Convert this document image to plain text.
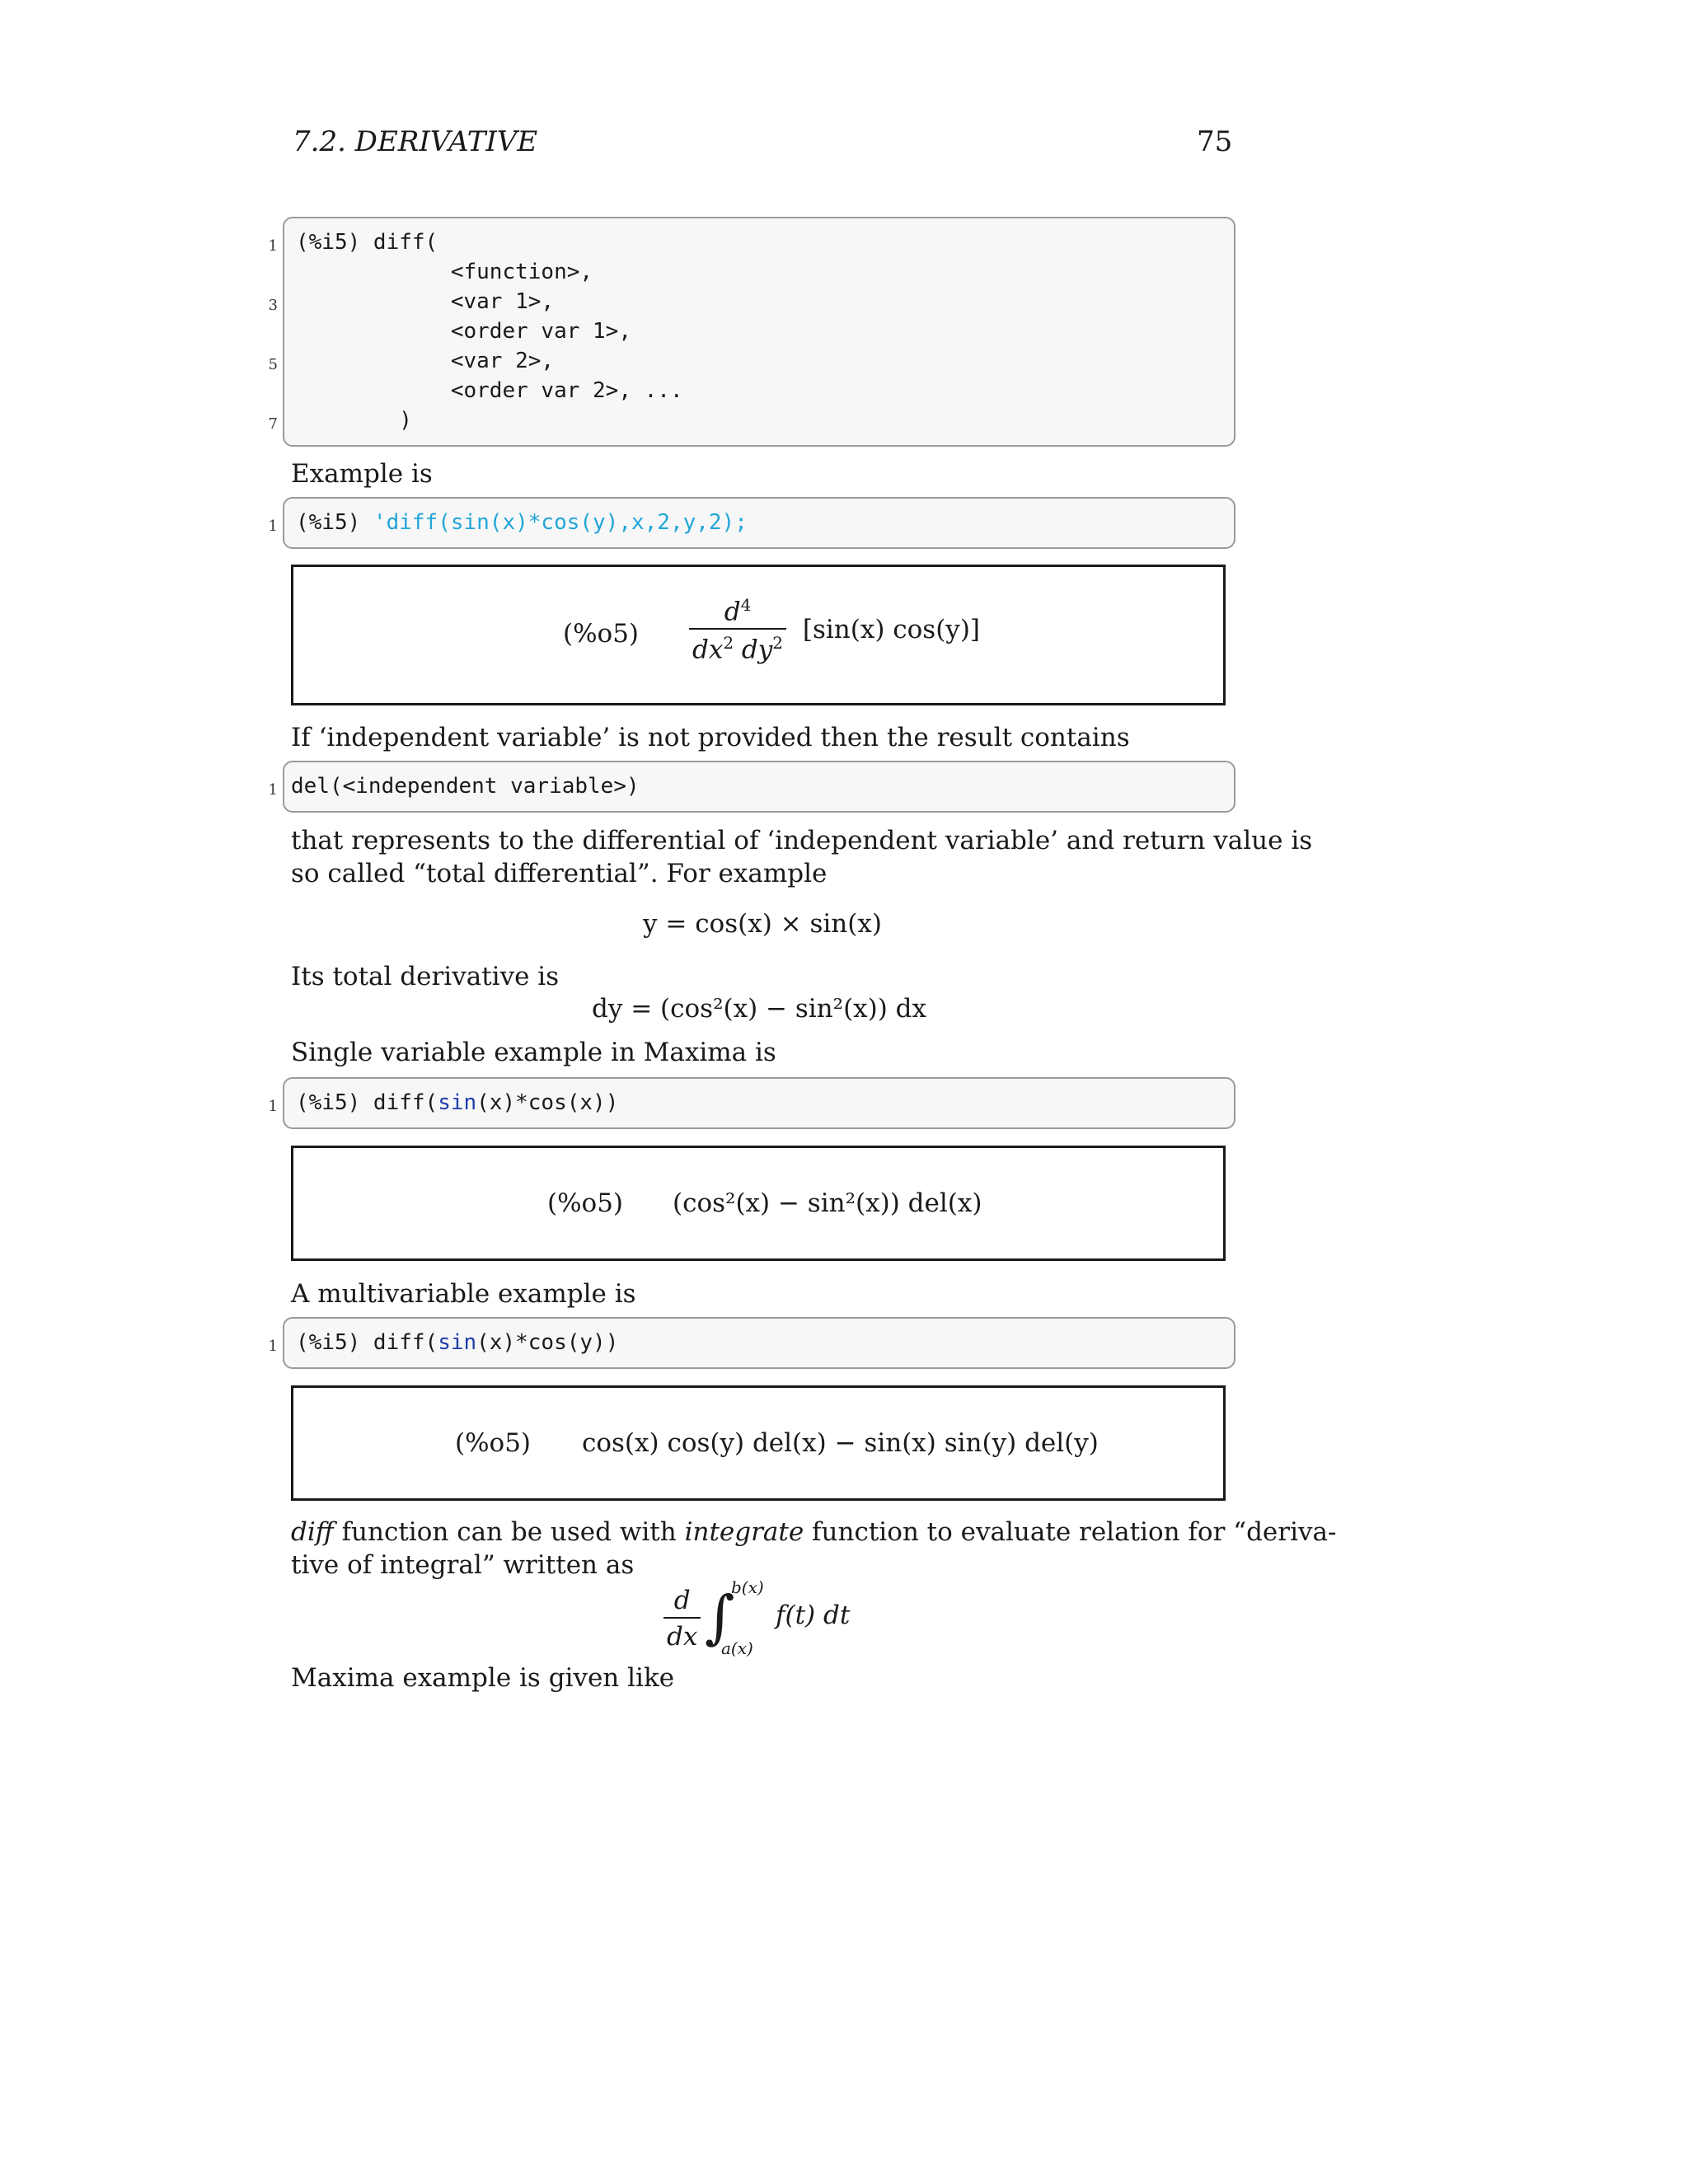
7.2. DERIVATIVE	75
(%i5) diff(
<function>,
<var 1>,
<order var 1>,
<var 2>,
<order var 2>, ...
)
1
3
5
7
Example is
(%i5) 'diff(sin(x)*cos(y),x,2,y,2);
1
$(\%o5) \frac{d^4}{dx^2 dy^2} [\sin(x)$ cos(y)]
If ‘independent variable’ is not provided then the result contains
del(<independent variable>)
1
that represents to the differential of ‘independent variable’ and return value is
so called “total differential”. For example
y = cos(x) × sin(x)
Its total derivative is
dy = (cos²(x) − sin²(x)) dx
Single variable example in Maxima is
(%i5) diff(sin(x)*cos(x))
1
(%o5) (cos²(x) − sin²(x)) del(x)
A multivariable example is
(%i5) diff(sin(x)*cos(y))
1
(%o5) cos(x) cos(y) del(x) − sin(x) sin(y) del(y)
diff function can be used with integrate function to evaluate relation for “deriva-
tive of integral” written as
$\frac{d}{dx}$ ∫
b(x)
a(x)
f(t) dt
Maxima example is given like
